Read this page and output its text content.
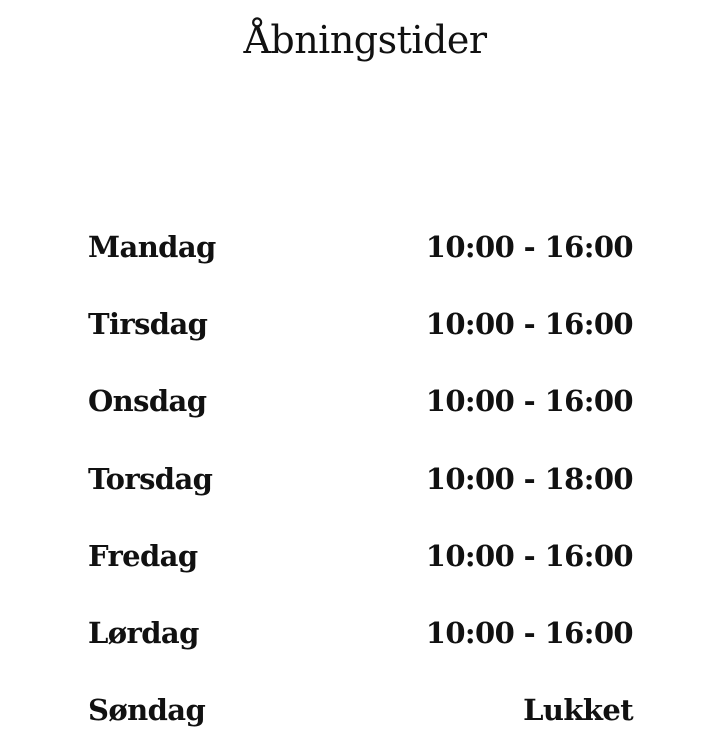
Åbningstider
Mandag	10:00 - 16:00
Tirsdag	10:00 - 16:00
Onsdag	10:00 - 16:00
Torsdag	10:00 - 18:00
Fredag	10:00 - 16:00
Lørdag	10:00 - 16:00
Søndag	Lukket
